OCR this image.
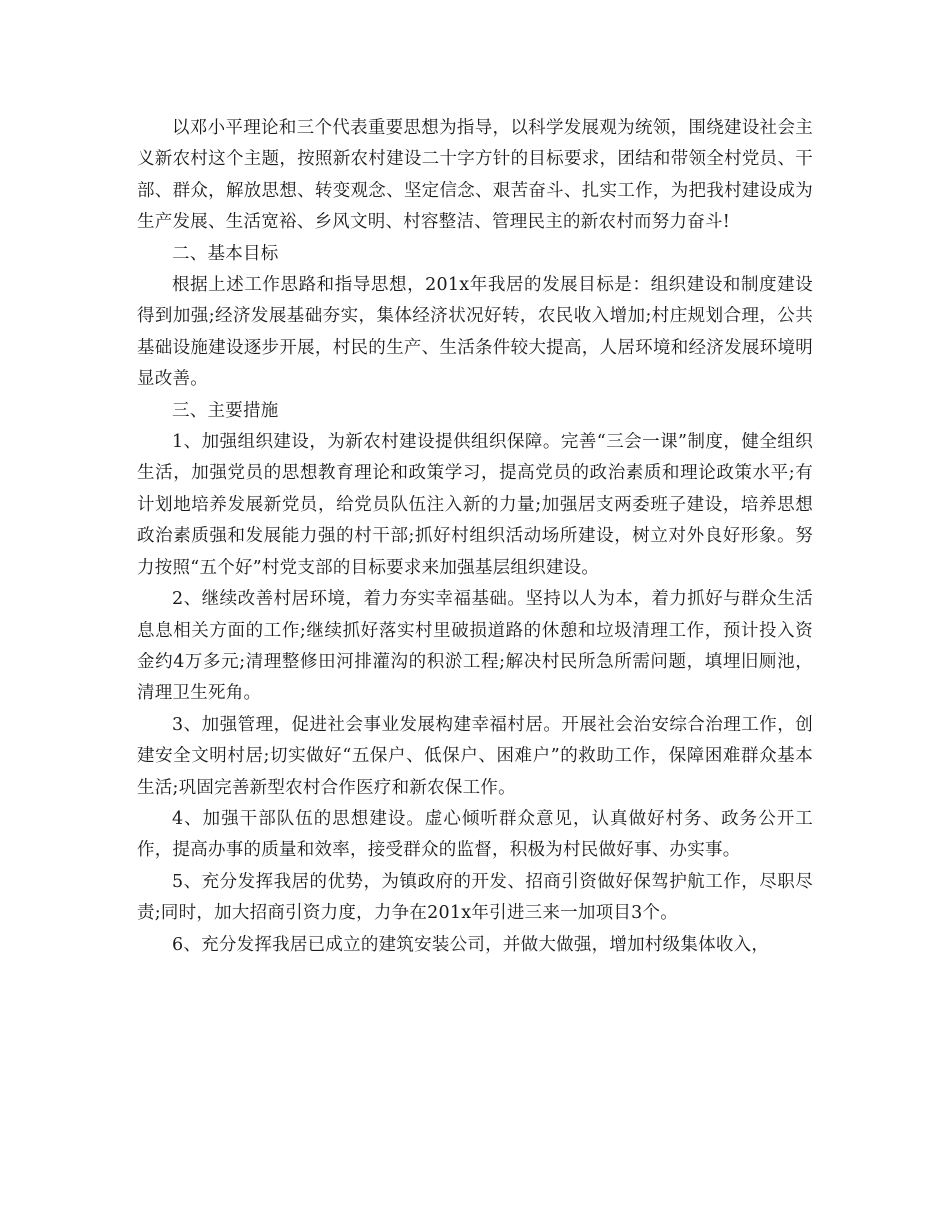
以邓小平理论和三个代表重要思想为指导，以科学发展观为统领，围绕建设社会主义新农村这个主题，按照新农村建设二十字方针的目标要求，团结和带领全村党员、干部、群众，解放思想、转变观念、坚定信念、艰苦奋斗、扎实工作，为把我村建设成为生产发展、生活宽裕、乡风文明、村容整洁、管理民主的新农村而努力奋斗!

二、基本目标

根据上述工作思路和指导思想，201x年我居的发展目标是：组织建设和制度建设得到加强;经济发展基础夯实，集体经济状况好转，农民收入增加;村庄规划合理，公共基础设施建设逐步开展，村民的生产、生活条件较大提高，人居环境和经济发展环境明显改善。

三、主要措施

1、加强组织建设，为新农村建设提供组织保障。完善“三会一课”制度，健全组织生活，加强党员的思想教育理论和政策学习，提高党员的政治素质和理论政策水平;有计划地培养发展新党员，给党员队伍注入新的力量;加强居支两委班子建设，培养思想政治素质强和发展能力强的村干部;抓好村组织活动场所建设，树立对外良好形象。努力按照“五个好”村党支部的目标要求来加强基层组织建设。

2、继续改善村居环境，着力夯实幸福基础。坚持以人为本，着力抓好与群众生活息息相关方面的工作;继续抓好落实村里破损道路的休憩和垃圾清理工作，预计投入资金约4万多元;清理整修田河排灌沟的积淤工程;解决村民所急所需问题，填埋旧厕池，清理卫生死角。

3、加强管理，促进社会事业发展构建幸福村居。开展社会治安综合治理工作，创建安全文明村居;切实做好“五保户、低保户、困难户”的救助工作，保障困难群众基本生活;巩固完善新型农村合作医疗和新农保工作。

4、加强干部队伍的思想建设。虚心倾听群众意见，认真做好村务、政务公开工作，提高办事的质量和效率，接受群众的监督，积极为村民做好事、办实事。

5、充分发挥我居的优势，为镇政府的开发、招商引资做好保驾护航工作，尽职尽责;同时，加大招商引资力度，力争在201x年引进三来一加项目3个。

6、充分发挥我居已成立的建筑安装公司，并做大做强，增加村级集体收入，
